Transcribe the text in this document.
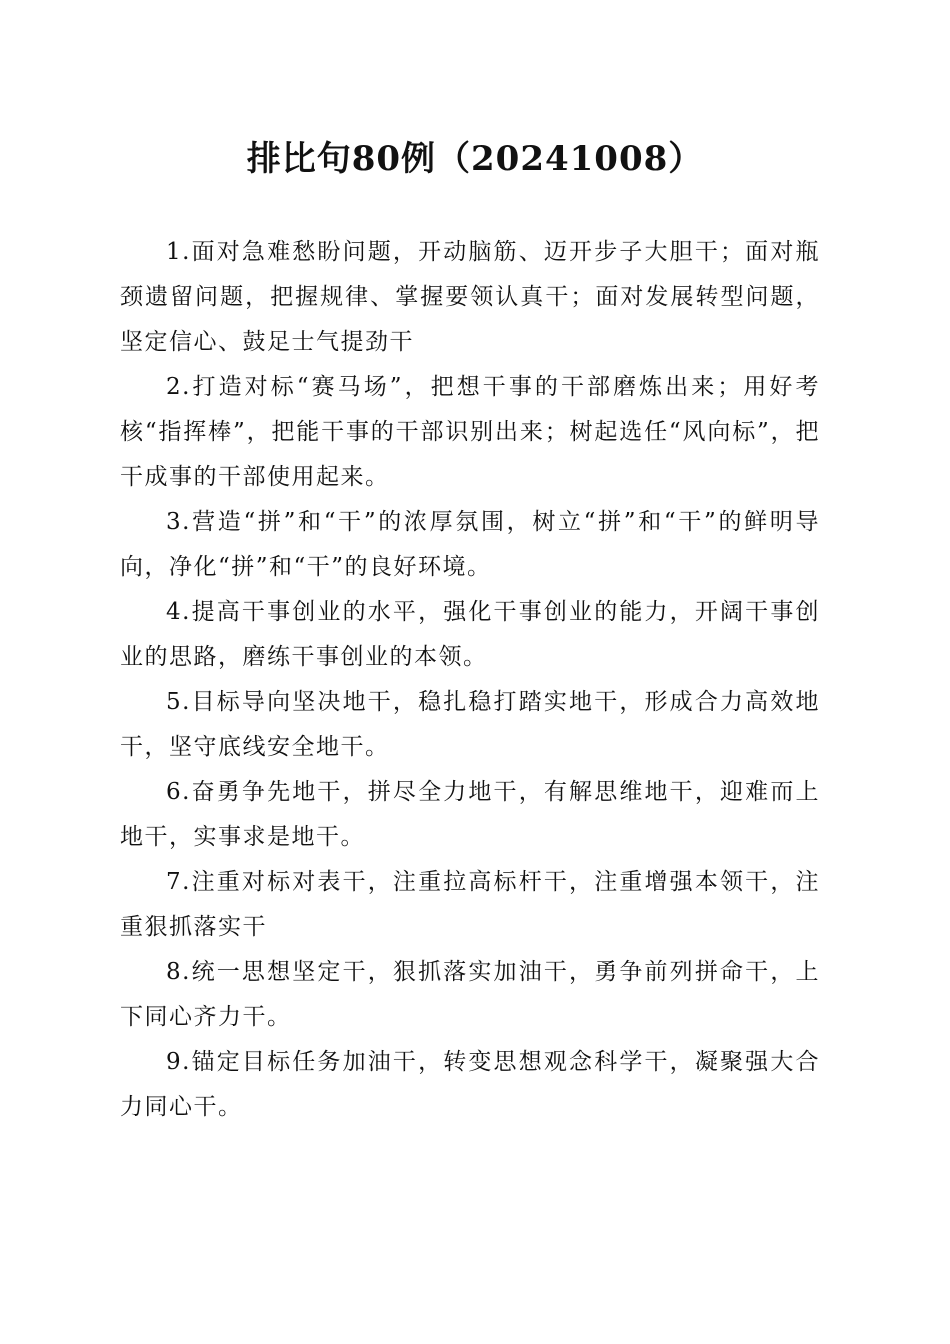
排比句80例（20241008）

1.面对急难愁盼问题，开动脑筋、迈开步子大胆干；面对瓶颈遗留问题，把握规律、掌握要领认真干；面对发展转型问题，坚定信心、鼓足士气提劲干

2.打造对标“赛马场”，把想干事的干部磨炼出来；用好考核“指挥棒”，把能干事的干部识别出来；树起选任“风向标”，把干成事的干部使用起来。

3.营造“拼”和“干”的浓厚氛围，树立“拼”和“干”的鲜明导向，净化“拼”和“干”的良好环境。

4.提高干事创业的水平，强化干事创业的能力，开阔干事创业的思路，磨练干事创业的本领。

5.目标导向坚决地干，稳扎稳打踏实地干，形成合力高效地干，坚守底线安全地干。

6.奋勇争先地干，拼尽全力地干，有解思维地干，迎难而上地干，实事求是地干。

7.注重对标对表干，注重拉高标杆干，注重增强本领干，注重狠抓落实干

8.统一思想坚定干，狠抓落实加油干，勇争前列拼命干，上下同心齐力干。

9.锚定目标任务加油干，转变思想观念科学干，凝聚强大合力同心干。
